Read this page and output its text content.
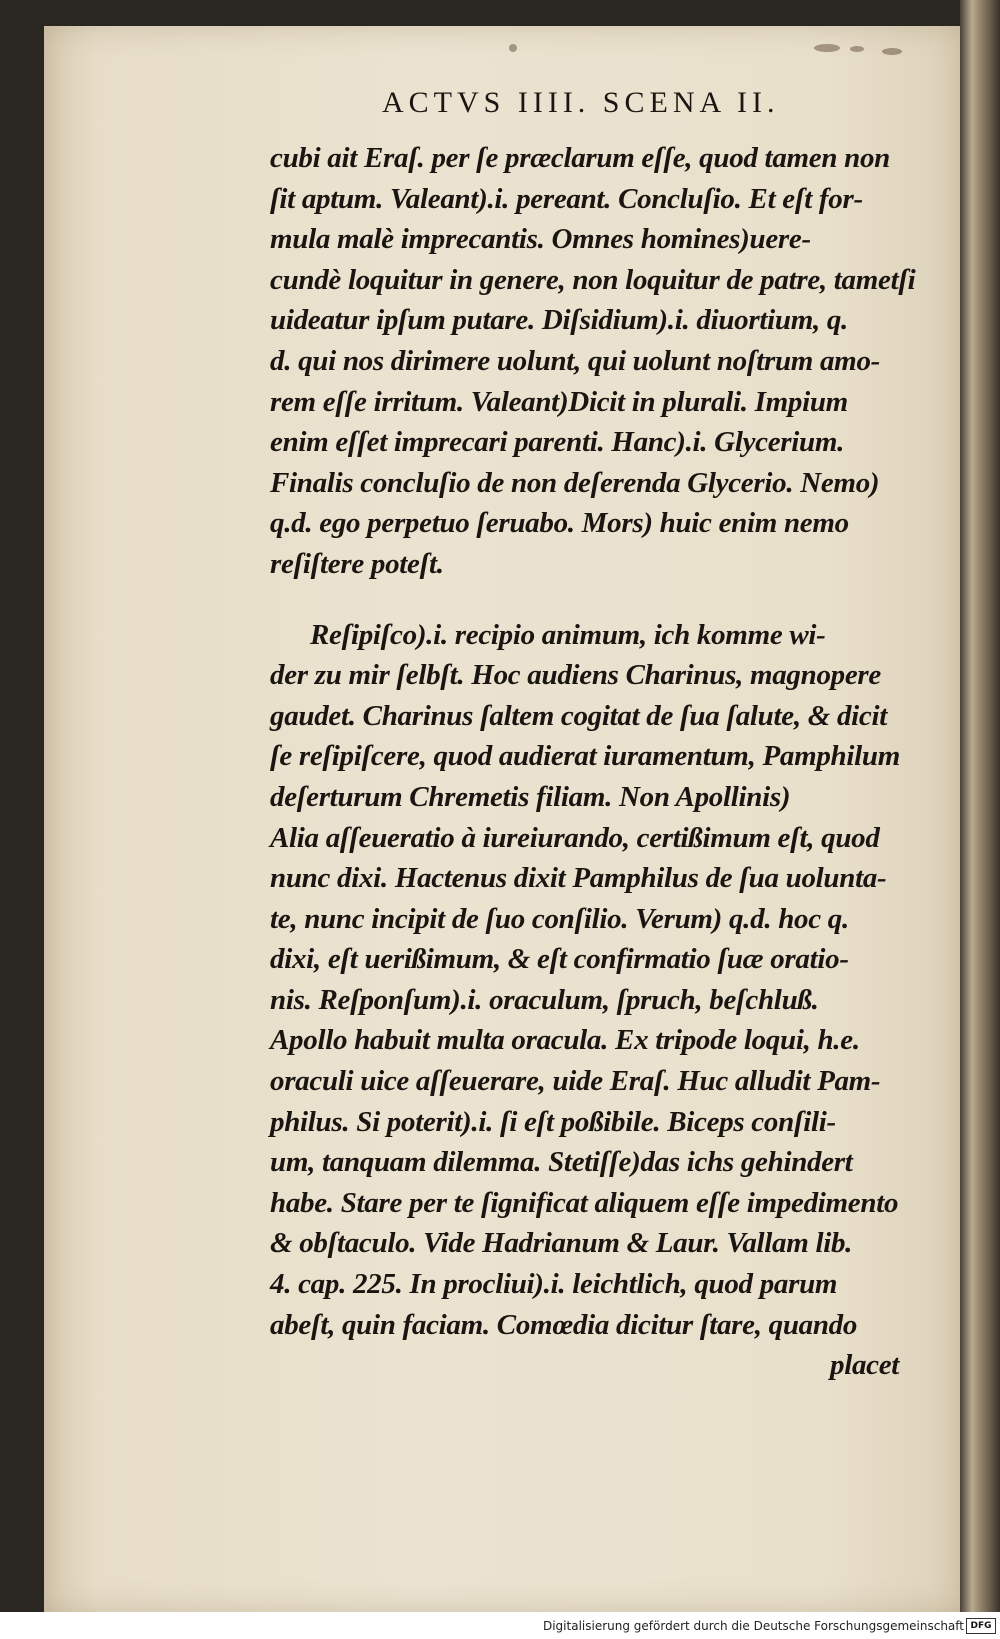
ACTVS IIII. SCENA II.
cubi ait Eraſ. per ſe præclarum eſſe, quod tamen non
ſit aptum. Valeant).i. pereant. Concluſio. Et eſt for-
mula malè imprecantis. Omnes homines)uere-
cundè loquitur in genere, non loquitur de patre, tametſi
uideatur ipſum putare. Diſsidium).i. diuortium, q.
d. qui nos dirimere uolunt, qui uolunt noſtrum amo-
rem eſſe irritum. Valeant)Dicit in plurali. Impium
enim eſſet imprecari parenti. Hanc).i. Glycerium.
Finalis concluſio de non deſerenda Glycerio. Nemo)
q.d. ego perpetuo ſeruabo. Mors) huic enim nemo
reſiſtere poteſt.
Reſipiſco).i. recipio animum, ich komme wi-
der zu mir ſelbſt. Hoc audiens Charinus, magnopere
gaudet. Charinus ſaltem cogitat de ſua ſalute, & dicit
ſe reſipiſcere, quod audierat iuramentum, Pamphilum
deſerturum Chremetis filiam. Non Apollinis)
Alia aſſeueratio à iureiurando, certißimum eſt, quod
nunc dixi. Hactenus dixit Pamphilus de ſua uolunta-
te, nunc incipit de ſuo conſilio. Verum) q.d. hoc q.
dixi, eſt uerißimum, & eſt confirmatio ſuæ oratio-
nis. Reſponſum).i. oraculum, ſpruch, beſchluß.
Apollo habuit multa oracula. Ex tripode loqui, h.e.
oraculi uice aſſeuerare, uide Eraſ. Huc alludit Pam-
philus. Si poterit).i. ſi eſt poßibile. Biceps conſili-
um, tanquam dilemma. Stetiſſe)das ichs gehindert
habe. Stare per te ſignificat aliquem eſſe impedimento
& obſtaculo. Vide Hadrianum & Laur. Vallam lib.
4. cap. 225. In procliui).i. leichtlich, quod parum
abeſt, quin faciam. Comœdia dicitur ſtare, quando
placet
Digitalisierung gefördert durch die Deutsche Forschungsgemeinschaft DFG
